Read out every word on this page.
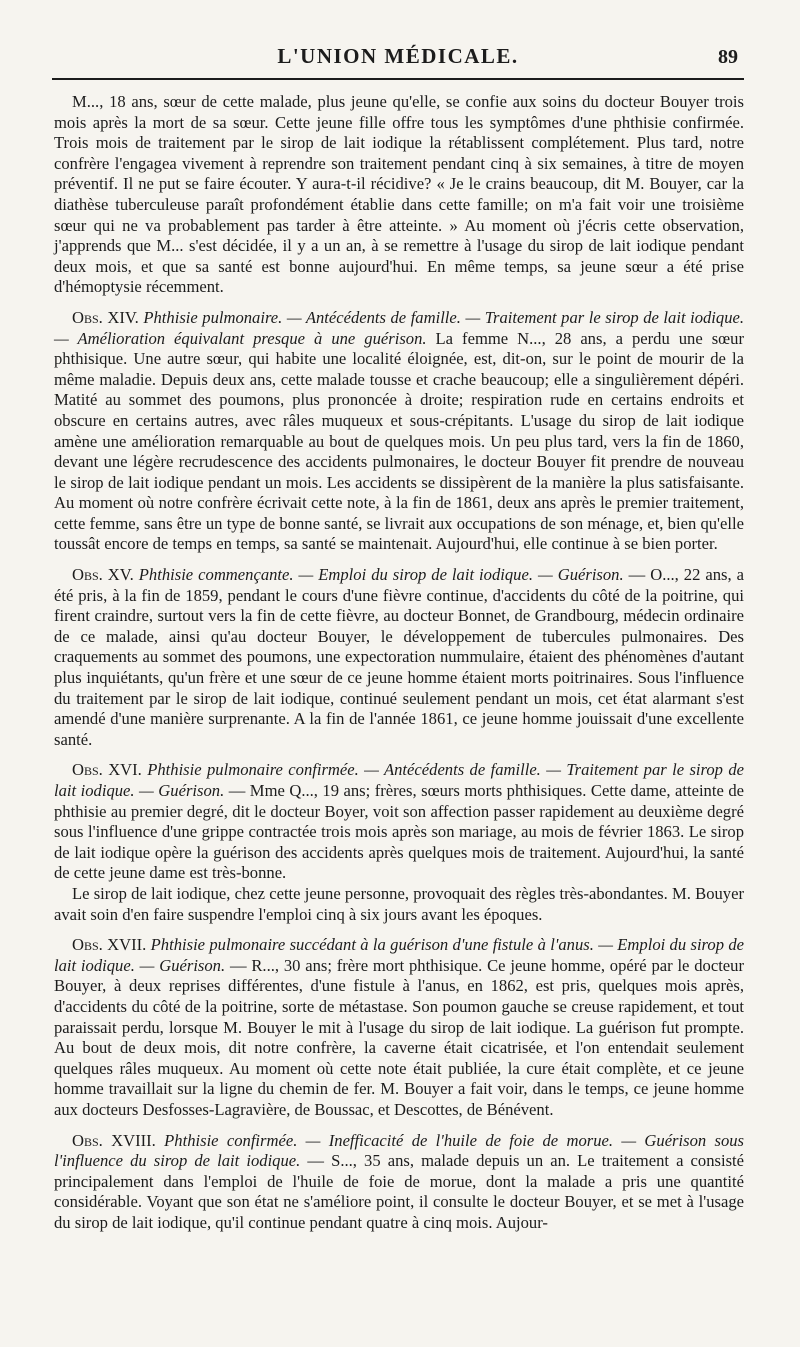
L'UNION MÉDICALE.	89

M..., 18 ans, sœur de cette malade, plus jeune qu'elle, se confie aux soins du docteur Bouyer trois mois après la mort de sa sœur. Cette jeune fille offre tous les symptômes d'une phthisie confirmée. Trois mois de traitement par le sirop de lait iodique la rétablissent complétement. Plus tard, notre confrère l'engagea vivement à reprendre son traitement pendant cinq à six semaines, à titre de moyen préventif. Il ne put se faire écouter. Y aura-t-il récidive? « Je le crains beaucoup, dit M. Bouyer, car la diathèse tuberculeuse paraît profondément établie dans cette famille; on m'a fait voir une troisième sœur qui ne va probablement pas tarder à être atteinte. » Au moment où j'écris cette observation, j'apprends que M... s'est décidée, il y a un an, à se remettre à l'usage du sirop de lait iodique pendant deux mois, et que sa santé est bonne aujourd'hui. En même temps, sa jeune sœur a été prise d'hémoptysie récemment.

Obs. XIV. Phthisie pulmonaire. — Antécédents de famille. — Traitement par le sirop de lait iodique. — Amélioration équivalant presque à une guérison. La femme N..., 28 ans, a perdu une sœur phthisique. Une autre sœur, qui habite une localité éloignée, est, dit-on, sur le point de mourir de la même maladie. Depuis deux ans, cette malade tousse et crache beaucoup; elle a singulièrement dépéri. Matité au sommet des poumons, plus prononcée à droite; respiration rude en certains endroits et obscure en certains autres, avec râles muqueux et sous-crépitants. L'usage du sirop de lait iodique amène une amélioration remarquable au bout de quelques mois. Un peu plus tard, vers la fin de 1860, devant une légère recrudescence des accidents pulmonaires, le docteur Bouyer fit prendre de nouveau le sirop de lait iodique pendant un mois. Les accidents se dissipèrent de la manière la plus satisfaisante. Au moment où notre confrère écrivait cette note, à la fin de 1861, deux ans après le premier traitement, cette femme, sans être un type de bonne santé, se livrait aux occupations de son ménage, et, bien qu'elle toussât encore de temps en temps, sa santé se maintenait. Aujourd'hui, elle continue à se bien porter.

Obs. XV. Phthisie commençante. — Emploi du sirop de lait iodique. — Guérison. — O..., 22 ans, a été pris, à la fin de 1859, pendant le cours d'une fièvre continue, d'accidents du côté de la poitrine, qui firent craindre, surtout vers la fin de cette fièvre, au docteur Bonnet, de Grandbourg, médecin ordinaire de ce malade, ainsi qu'au docteur Bouyer, le développement de tubercules pulmonaires. Des craquements au sommet des poumons, une expectoration nummulaire, étaient des phénomènes d'autant plus inquiétants, qu'un frère et une sœur de ce jeune homme étaient morts poitrinaires. Sous l'influence du traitement par le sirop de lait iodique, continué seulement pendant un mois, cet état alarmant s'est amendé d'une manière surprenante. A la fin de l'année 1861, ce jeune homme jouissait d'une excellente santé.

Obs. XVI. Phthisie pulmonaire confirmée. — Antécédents de famille. — Traitement par le sirop de lait iodique. — Guérison. — Mme Q..., 19 ans; frères, sœurs morts phthisiques. Cette dame, atteinte de phthisie au premier degré, dit le docteur Boyer, voit son affection passer rapidement au deuxième degré sous l'influence d'une grippe contractée trois mois après son mariage, au mois de février 1863. Le sirop de lait iodique opère la guérison des accidents après quelques mois de traitement. Aujourd'hui, la santé de cette jeune dame est très-bonne.

Le sirop de lait iodique, chez cette jeune personne, provoquait des règles très-abondantes. M. Bouyer avait soin d'en faire suspendre l'emploi cinq à six jours avant les époques.

Obs. XVII. Phthisie pulmonaire succédant à la guérison d'une fistule à l'anus. — Emploi du sirop de lait iodique. — Guérison. — R..., 30 ans; frère mort phthisique. Ce jeune homme, opéré par le docteur Bouyer, à deux reprises différentes, d'une fistule à l'anus, en 1862, est pris, quelques mois après, d'accidents du côté de la poitrine, sorte de métastase. Son poumon gauche se creuse rapidement, et tout paraissait perdu, lorsque M. Bouyer le mit à l'usage du sirop de lait iodique. La guérison fut prompte. Au bout de deux mois, dit notre confrère, la caverne était cicatrisée, et l'on entendait seulement quelques râles muqueux. Au moment où cette note était publiée, la cure était complète, et ce jeune homme travaillait sur la ligne du chemin de fer. M. Bouyer a fait voir, dans le temps, ce jeune homme aux docteurs Desfosses-Lagravière, de Boussac, et Descottes, de Bénévent.

Obs. XVIII. Phthisie confirmée. — Inefficacité de l'huile de foie de morue. — Guérison sous l'influence du sirop de lait iodique. — S..., 35 ans, malade depuis un an. Le traitement a consisté principalement dans l'emploi de l'huile de foie de morue, dont la malade a pris une quantité considérable. Voyant que son état ne s'améliore point, il consulte le docteur Bouyer, et se met à l'usage du sirop de lait iodique, qu'il continue pendant quatre à cinq mois. Aujour-
